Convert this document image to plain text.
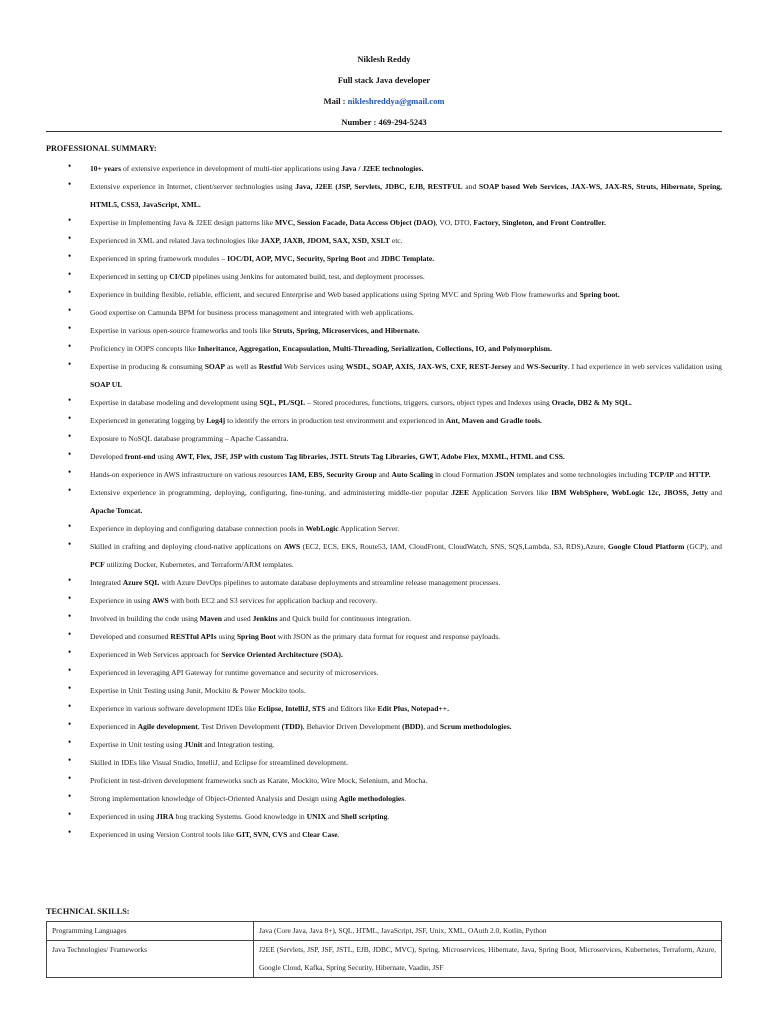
Niklesh Reddy
Full stack Java developer
Mail : nikleshreddya@gmail.com
Number : 469-294-5243
PROFESSIONAL SUMMARY:
• 10+ years of extensive experience in development of multi-tier applications using Java / J2EE technologies.
• Extensive experience in Internet, client/server technologies using Java, J2EE (JSP, Servlets, JDBC, EJB, RESTFUL and SOAP based Web Services, JAX-WS, JAX-RS, Struts, Hibernate, Spring, HTML5, CSS3, JavaScript, XML.
• Expertise in Implementing Java & J2EE design patterns like MVC, Session Facade, Data Access Object (DAO), VO, DTO, Factory, Singleton, and Front Controller.
• Experienced in XML and related Java technologies like JAXP, JAXB, JDOM, SAX, XSD, XSLT etc.
• Experienced in spring framework modules – IOC/DI, AOP, MVC, Security, Spring Boot and JDBC Template.
• Experienced in setting up CI/CD pipelines using Jenkins for automated build, test, and deployment processes.
• Experience in building flexible, reliable, efficient, and secured Enterprise and Web based applications using Spring MVC and Spring Web Flow frameworks and Spring boot.
• Good expertise on Camunda BPM for business process management and integrated with web applications.
• Expertise in various open-source frameworks and tools like Struts, Spring, Microservices, and Hibernate.
• Proficiency in OOPS concepts like Inheritance, Aggregation, Encapsulation, Multi-Threading, Serialization, Collections, IO, and Polymorphism.
• Expertise in producing & consuming SOAP as well as Restful Web Services using WSDL, SOAP, AXIS, JAX-WS, CXF, REST-Jersey and WS-Security. I had experience in web services validation using SOAP UI.
• Expertise in database modeling and development using SQL, PL/SQL – Stored procedures, functions, triggers, cursors, object types and Indexes using Oracle, DB2 & My SQL.
• Experienced in generating logging by Log4j to identify the errors in production test environment and experienced in Ant, Maven and Gradle tools.
• Exposure to NoSQL database programming – Apache Cassandra.
• Developed front-end using AWT, Flex, JSF, JSP with custom Tag libraries, JSTL Struts Tag Libraries, GWT, Adobe Flex, MXML, HTML and CSS.
• Hands-on experience in AWS infrastructure on various resources IAM, EBS, Security Group and Auto Scaling in cloud Formation JSON templates and some technologies including TCP/IP and HTTP.
• Extensive experience in programming, deploying, configuring, fine-tuning, and administering middle-tier popular J2EE Application Servers like IBM WebSphere, WebLogic 12c, JBOSS, Jetty and Apache Tomcat.
• Experience in deploying and configuring database connection pools in WebLogic Application Server.
• Skilled in crafting and deploying cloud-native applications on AWS (EC2, ECS, EKS, Route53, IAM, CloudFront, CloudWatch, SNS, SQS,Lambda, S3, RDS),Azure, Google Cloud Platform (GCP), and PCF utilizing Docker, Kubernetes, and Terraform/ARM templates.
• Integrated Azure SQL with Azure DevOps pipelines to automate database deployments and streamline release management processes.
• Experience in using AWS with both EC2 and S3 services for application backup and recovery.
• Involved in building the code using Maven and used Jenkins and Quick build for continuous integration.
• Developed and consumed RESTful APIs using Spring Boot with JSON as the primary data format for request and response payloads.
• Experienced in Web Services approach for Service Oriented Architecture (SOA).
• Experienced in leveraging API Gateway for runtime governance and security of microservices.
• Expertise in Unit Testing using Junit, Mockito & Power Mockito tools.
• Experience in various software development IDEs like Eclipse, IntelliJ, STS and Editors like Edit Plus, Notepad++.
• Experienced in Agile development, Test Driven Development (TDD), Behavior Driven Development (BDD), and Scrum methodologies.
• Expertise in Unit testing using JUnit and Integration testing.
• Skilled in IDEs like Visual Studio, IntelliJ, and Eclipse for streamlined development.
• Proficient in test-driven development frameworks such as Karate, Mockito, Wire Mock, Selenium, and Mocha.
• Strong implementation knowledge of Object-Oriented Analysis and Design using Agile methodologies.
• Experienced in using JIRA bug tracking Systems. Good knowledge in UNIX and Shell scripting.
• Experienced in using Version Control tools like GIT, SVN, CVS and Clear Case.
TECHNICAL SKILLS:
Programming Languages	Java (Core Java, Java 8+), SQL, HTML, JavaScript, JSF, Unix, XML, OAuth 2.0, Kotlin, Python
Java Technologies/ Frameworks	J2EE (Servlets, JSP, JSF, JSTL, EJB, JDBC, MVC), Spring, Microservices, Hibernate, Java, Spring Boot, Microservices, Kubernetes, Terraform, Azure, Google Cloud, Kafka, Spring Security, Hibernate, Vaadin, JSF
